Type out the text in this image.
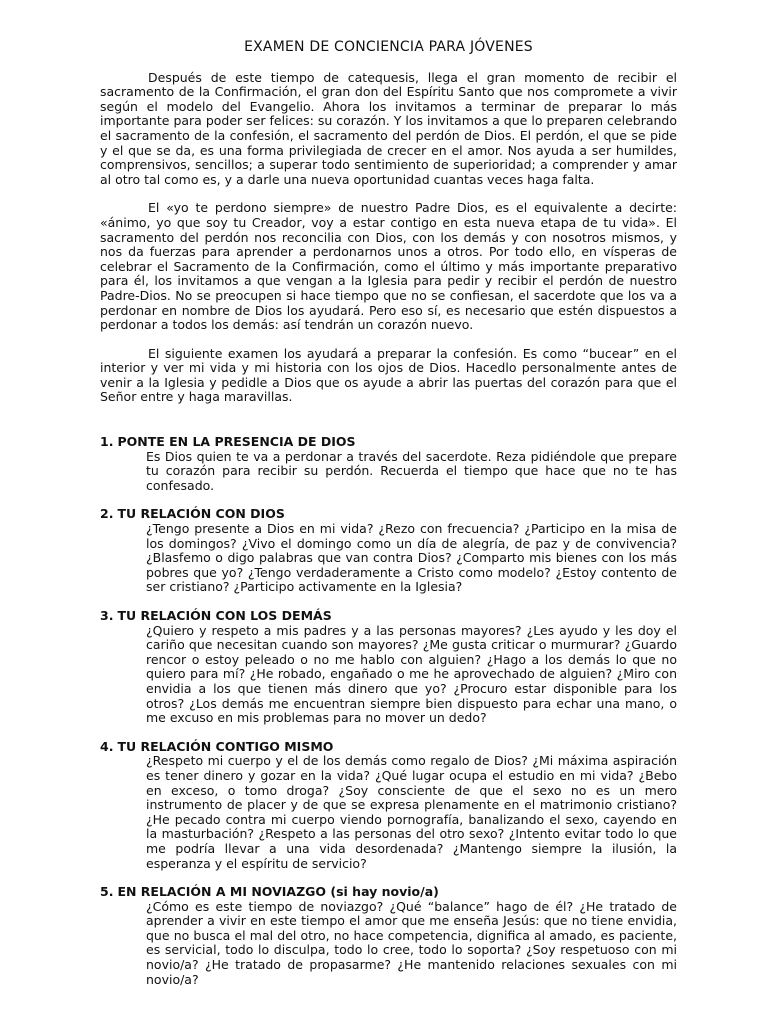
EXAMEN DE CONCIENCIA PARA JÓVENES

Después de este tiempo de catequesis, llega el gran momento de recibir el sacramento de la Confirmación, el gran don del Espíritu Santo que nos compromete a vivir según el modelo del Evangelio. Ahora los invitamos a terminar de preparar lo más importante para poder ser felices: su corazón. Y los invitamos a que lo preparen celebrando el sacramento de la confesión, el sacramento del perdón de Dios. El perdón, el que se pide y el que se da, es una forma privilegiada de crecer en el amor. Nos ayuda a ser humildes, comprensivos, sencillos; a superar todo sentimiento de superioridad; a comprender y amar al otro tal como es, y a darle una nueva oportunidad cuantas veces haga falta.

El «yo te perdono siempre» de nuestro Padre Dios, es el equivalente a decirte: «ánimo, yo que soy tu Creador, voy a estar contigo en esta nueva etapa de tu vida». El sacramento del perdón nos reconcilia con Dios, con los demás y con nosotros mismos, y nos da fuerzas para aprender a perdonarnos unos a otros. Por todo ello, en vísperas de celebrar el Sacramento de la Confirmación, como el último y más importante preparativo para él, los invitamos a que vengan a la Iglesia para pedir y recibir el perdón de nuestro Padre-Dios. No se preocupen si hace tiempo que no se confiesan, el sacerdote que los va a perdonar en nombre de Dios los ayudará. Pero eso sí, es necesario que estén dispuestos a perdonar a todos los demás: así tendrán un corazón nuevo.

El siguiente examen los ayudará a preparar la confesión. Es como “bucear” en el interior y ver mi vida y mi historia con los ojos de Dios. Hacedlo personalmente antes de venir a la Iglesia y pedidle a Dios que os ayude a abrir las puertas del corazón para que el Señor entre y haga maravillas.

1. PONTE EN LA PRESENCIA DE DIOS
Es Dios quien te va a perdonar a través del sacerdote. Reza pidiéndole que prepare tu corazón para recibir su perdón. Recuerda el tiempo que hace que no te has confesado.
2. TU RELACIÓN CON DIOS
¿Tengo presente a Dios en mi vida? ¿Rezo con frecuencia? ¿Participo en la misa de los domingos? ¿Vivo el domingo como un día de alegría, de paz y de convivencia? ¿Blasfemo o digo palabras que van contra Dios? ¿Comparto mis bienes con los más pobres que yo? ¿Tengo verdaderamente a Cristo como modelo? ¿Estoy contento de ser cristiano? ¿Participo activamente en la Iglesia?
3. TU RELACIÓN CON LOS DEMÁS
¿Quiero y respeto a mis padres y a las personas mayores? ¿Les ayudo y les doy el cariño que necesitan cuando son mayores? ¿Me gusta criticar o murmurar? ¿Guardo rencor o estoy peleado o no me hablo con alguien? ¿Hago a los demás lo que no quiero para mí? ¿He robado, engañado o me he aprovechado de alguien? ¿Miro con envidia a los que tienen más dinero que yo? ¿Procuro estar disponible para los otros? ¿Los demás me encuentran siempre bien dispuesto para echar una mano, o me excuso en mis problemas para no mover un dedo?
4. TU RELACIÓN CONTIGO MISMO
¿Respeto mi cuerpo y el de los demás como regalo de Dios? ¿Mi máxima aspiración es tener dinero y gozar en la vida? ¿Qué lugar ocupa el estudio en mi vida? ¿Bebo en exceso, o tomo droga? ¿Soy consciente de que el sexo no es un mero instrumento de placer y de que se expresa plenamente en el matrimonio cristiano? ¿He pecado contra mi cuerpo viendo pornografía, banalizando el sexo, cayendo en la masturbación? ¿Respeto a las personas del otro sexo? ¿Intento evitar todo lo que me podría llevar a una vida desordenada? ¿Mantengo siempre la ilusión, la esperanza y el espíritu de servicio?
5. EN RELACIÓN A MI NOVIAZGO (si hay novio/a)
¿Cómo es este tiempo de noviazgo? ¿Qué “balance” hago de él? ¿He tratado de aprender a vivir en este tiempo el amor que me enseña Jesús: que no tiene envidia, que no busca el mal del otro, no hace competencia, dignifica al amado, es paciente, es servicial, todo lo disculpa, todo lo cree, todo lo soporta? ¿Soy respetuoso con mi novio/a? ¿He tratado de propasarme? ¿He mantenido relaciones sexuales con mi novio/a?
